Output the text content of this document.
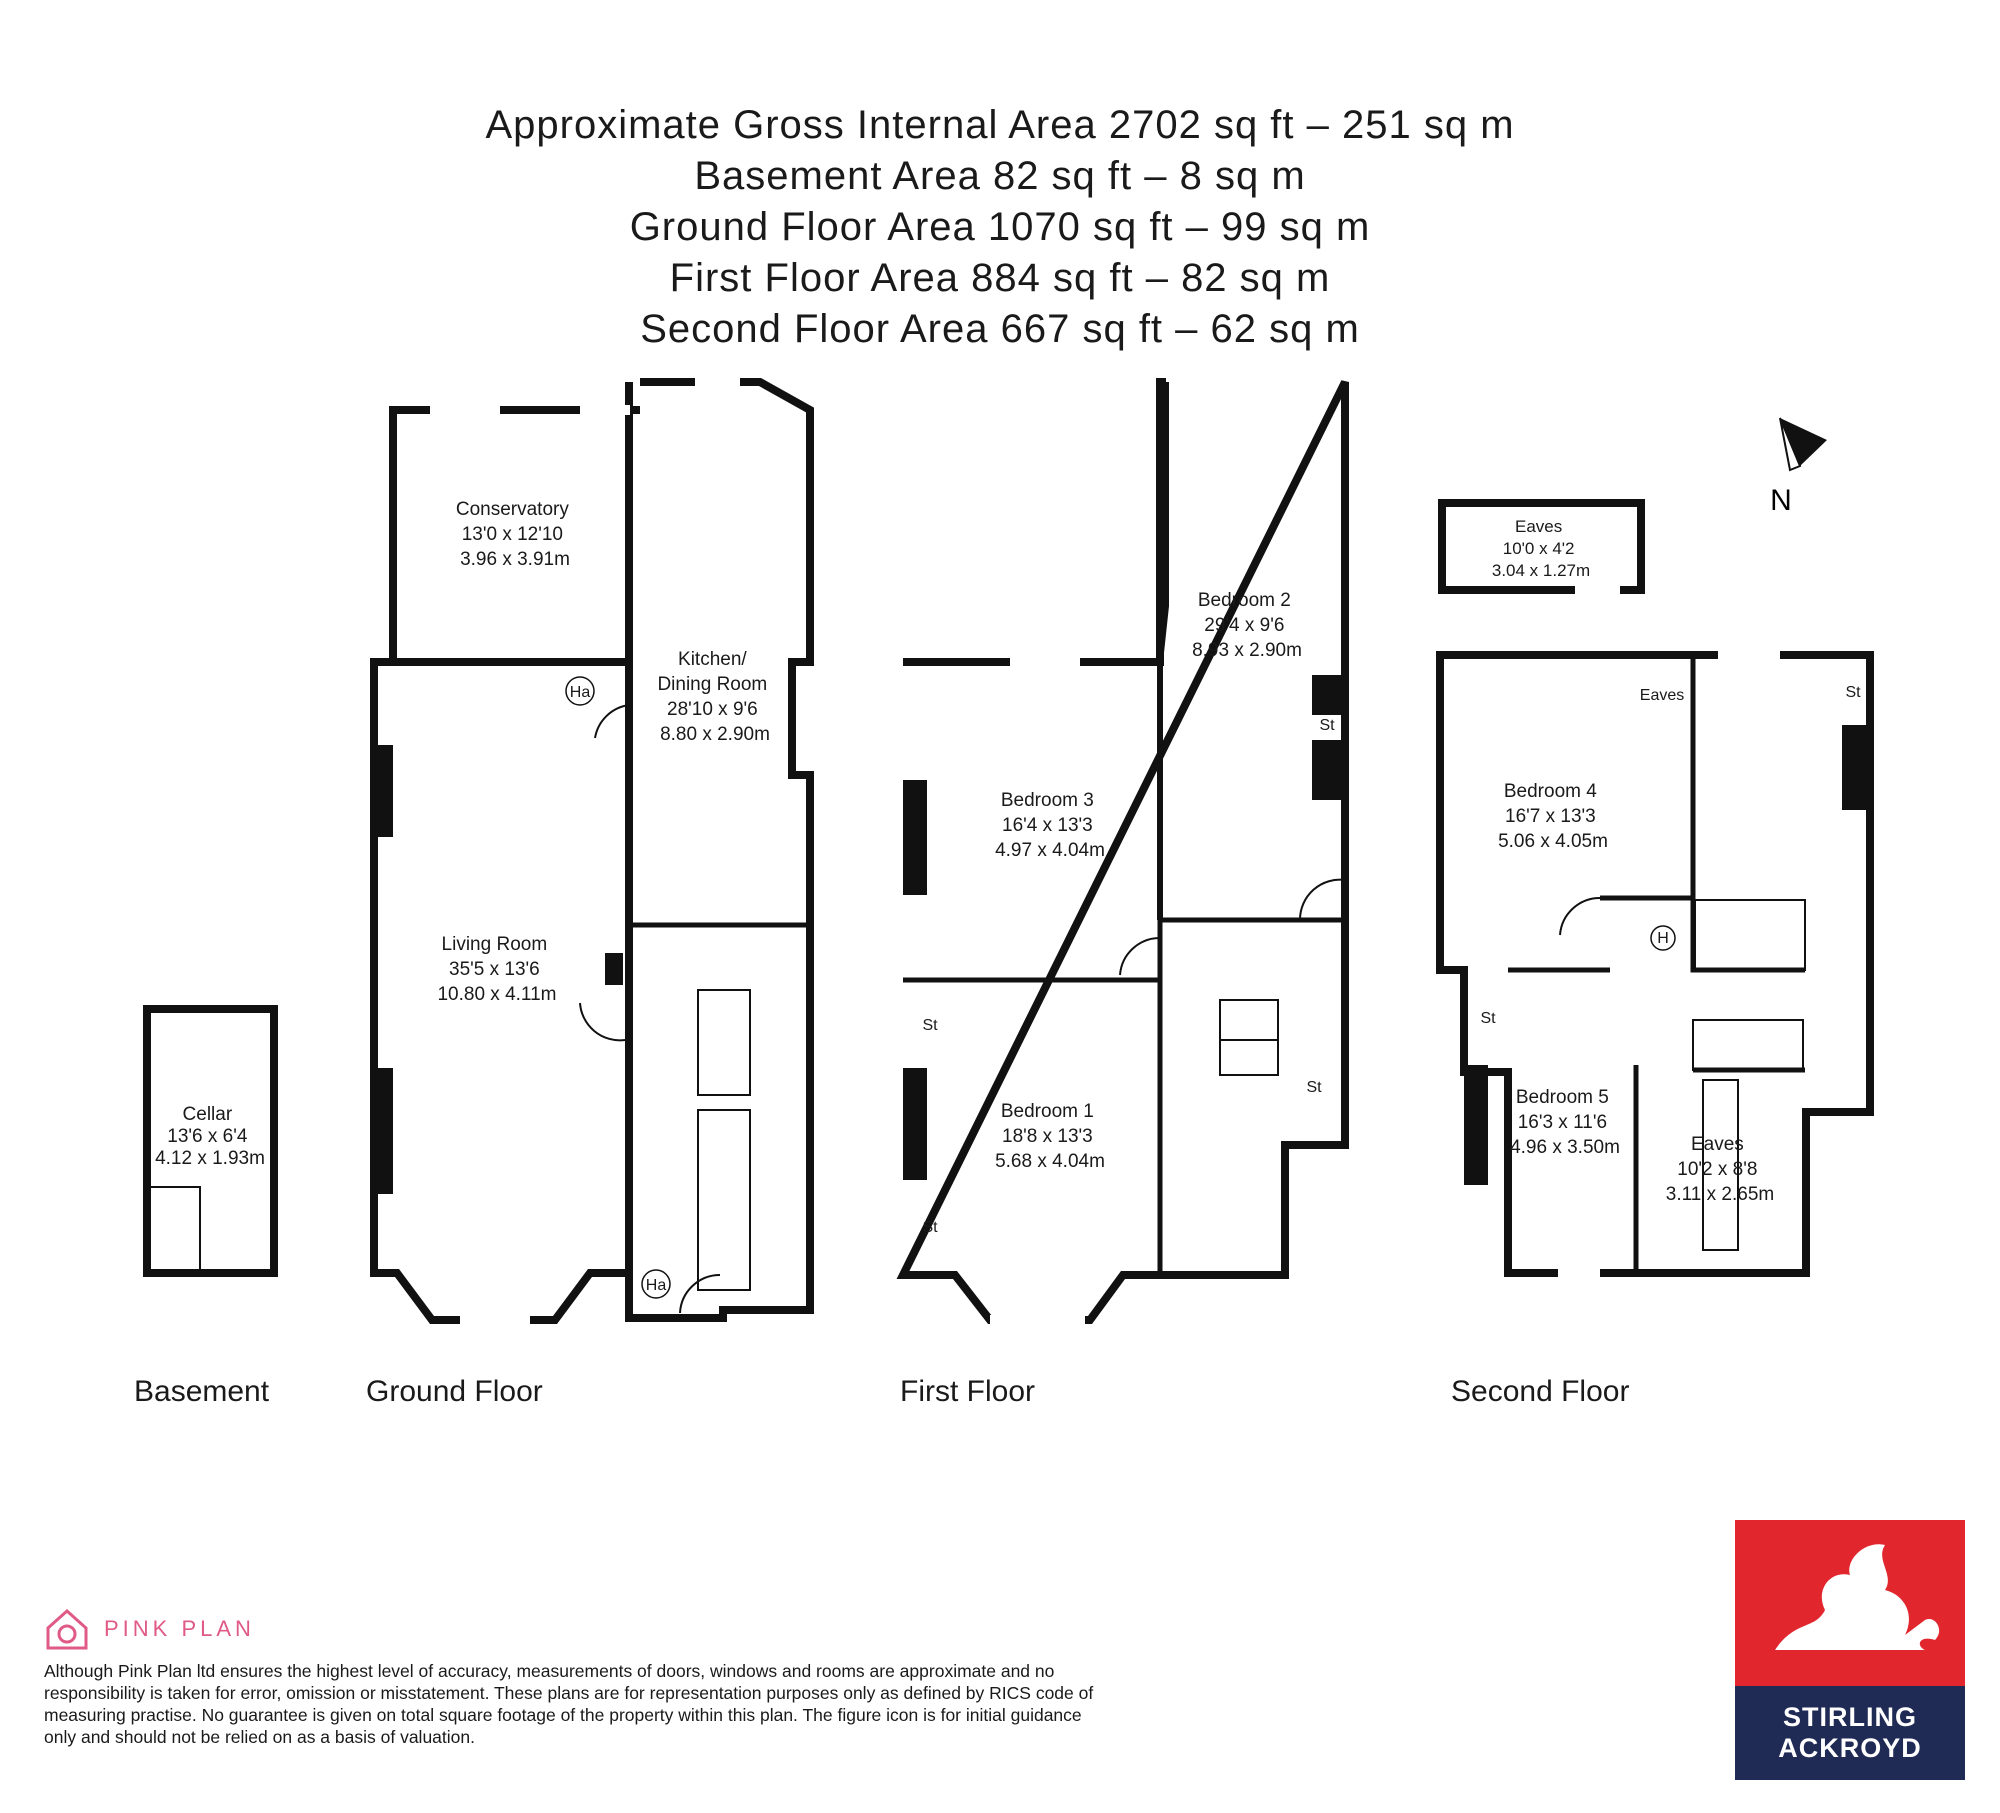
Approximate Gross Internal Area 2702 sq ft – 251 sq m
Basement Area 82 sq ft – 8 sq m
Ground Floor Area 1070 sq ft – 99 sq m
First Floor Area 884 sq ft – 82 sq m
Second Floor Area 667 sq ft – 62 sq m
N
Cellar 13'6 x 6'4 4.12 x 1.93m
Conservatory 13'0 x 12'10 3.96 x 3.91m
Kitchen/ Dining Room 28'10 x 9'6 8.80 x 2.90m
Living Room 35'5 x 13'6 10.80 x 4.11m
Bedroom 1 18'8 x 13'3 5.68 x 4.04m
Bedroom 2 29'4 x 9'6 8.93 x 2.90m
Bedroom 3 16'4 x 13'3 4.97 x 4.04m
Bedroom 4 16'7 x 13'3 5.06 x 4.05m
Bedroom 5 16'3 x 11'6 4.96 x 3.50m
Eaves 10'0 x 4'2 3.04 x 1.27m
Eaves 10'2 x 8'8 3.11 x 2.65m
Ha
Ha
St
St
St
St
St
St
H
Eaves
Basement	Ground Floor	First Floor	Second Floor
PINK PLAN
Although Pink Plan ltd ensures the highest level of accuracy, measurements of doors, windows and rooms are approximate and no responsibility is taken for error, omission or misstatement. These plans are for representation purposes only as defined by RICS code of measuring practise. No guarantee is given on total square footage of the property within this plan. The figure icon is for initial guidance only and should not be relied on as a basis of valuation.
STIRLING
ACKROYD
